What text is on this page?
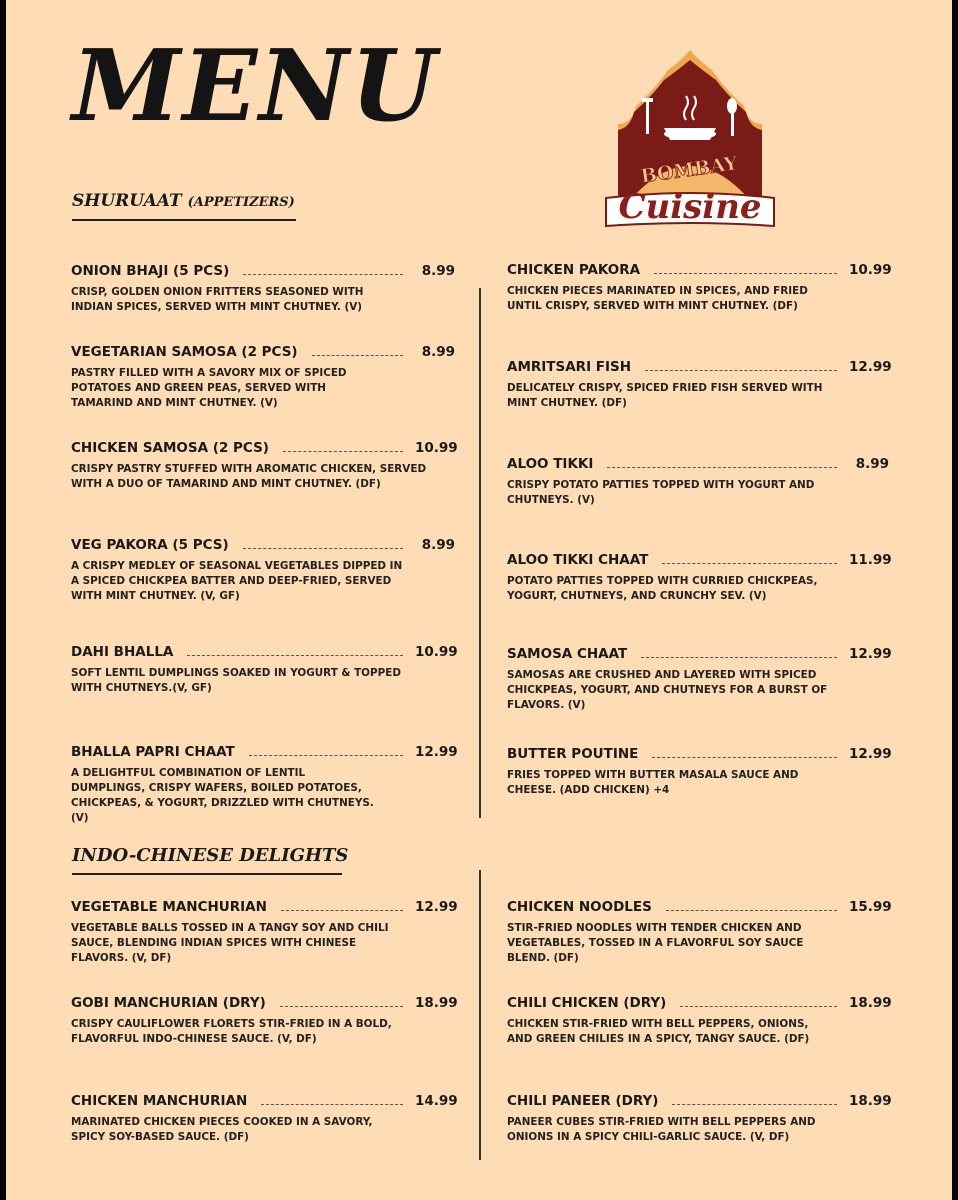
MENU
BOMBAY
Cuisine
SHURUAAT (APPETIZERS)
ONION BHAJI (5 PCS)	8.99
CRISP, GOLDEN ONION FRITTERS SEASONED WITH INDIAN SPICES, SERVED WITH MINT CHUTNEY. (V)
VEGETARIAN SAMOSA (2 PCS)	8.99
PASTRY FILLED WITH A SAVORY MIX OF SPICED POTATOES AND GREEN PEAS, SERVED WITH TAMARIND AND MINT CHUTNEY. (V)
CHICKEN SAMOSA (2 PCS)	10.99
CRISPY PASTRY STUFFED WITH AROMATIC CHICKEN, SERVED WITH A DUO OF TAMARIND AND MINT CHUTNEY. (DF)
VEG PAKORA (5 PCS)	8.99
A CRISPY MEDLEY OF SEASONAL VEGETABLES DIPPED IN A SPICED CHICKPEA BATTER AND DEEP-FRIED, SERVED WITH MINT CHUTNEY. (V, GF)
DAHI BHALLA	10.99
SOFT LENTIL DUMPLINGS SOAKED IN YOGURT & TOPPED WITH CHUTNEYS.(V, GF)
BHALLA PAPRI CHAAT	12.99
A DELIGHTFUL COMBINATION OF LENTIL DUMPLINGS, CRISPY WAFERS, BOILED POTATOES, CHICKPEAS, & YOGURT, DRIZZLED WITH CHUTNEYS. (V)
CHICKEN PAKORA	10.99
CHICKEN PIECES MARINATED IN SPICES, AND FRIED UNTIL CRISPY, SERVED WITH MINT CHUTNEY. (DF)
AMRITSARI FISH	12.99
DELICATELY CRISPY, SPICED FRIED FISH SERVED WITH MINT CHUTNEY. (DF)
ALOO TIKKI	8.99
CRISPY POTATO PATTIES TOPPED WITH YOGURT AND CHUTNEYS. (V)
ALOO TIKKI CHAAT	11.99
POTATO PATTIES TOPPED WITH CURRIED CHICKPEAS, YOGURT, CHUTNEYS, AND CRUNCHY SEV. (V)
SAMOSA CHAAT	12.99
SAMOSAS ARE CRUSHED AND LAYERED WITH SPICED CHICKPEAS, YOGURT, AND CHUTNEYS FOR A BURST OF FLAVORS. (V)
BUTTER POUTINE	12.99
FRIES TOPPED WITH BUTTER MASALA SAUCE AND CHEESE. (ADD CHICKEN) +4
INDO-CHINESE DELIGHTS
VEGETABLE MANCHURIAN	12.99
VEGETABLE BALLS TOSSED IN A TANGY SOY AND CHILI SAUCE, BLENDING INDIAN SPICES WITH CHINESE FLAVORS. (V, DF)
GOBI MANCHURIAN (DRY)	18.99
CRISPY CAULIFLOWER FLORETS STIR-FRIED IN A BOLD, FLAVORFUL INDO-CHINESE SAUCE. (V, DF)
CHICKEN MANCHURIAN	14.99
MARINATED CHICKEN PIECES COOKED IN A SAVORY, SPICY SOY-BASED SAUCE. (DF)
CHICKEN NOODLES	15.99
STIR-FRIED NOODLES WITH TENDER CHICKEN AND VEGETABLES, TOSSED IN A FLAVORFUL SOY SAUCE BLEND. (DF)
CHILI CHICKEN (DRY)	18.99
CHICKEN STIR-FRIED WITH BELL PEPPERS, ONIONS, AND GREEN CHILIES IN A SPICY, TANGY SAUCE. (DF)
CHILI PANEER (DRY)	18.99
PANEER CUBES STIR-FRIED WITH BELL PEPPERS AND ONIONS IN A SPICY CHILI-GARLIC SAUCE. (V, DF)
